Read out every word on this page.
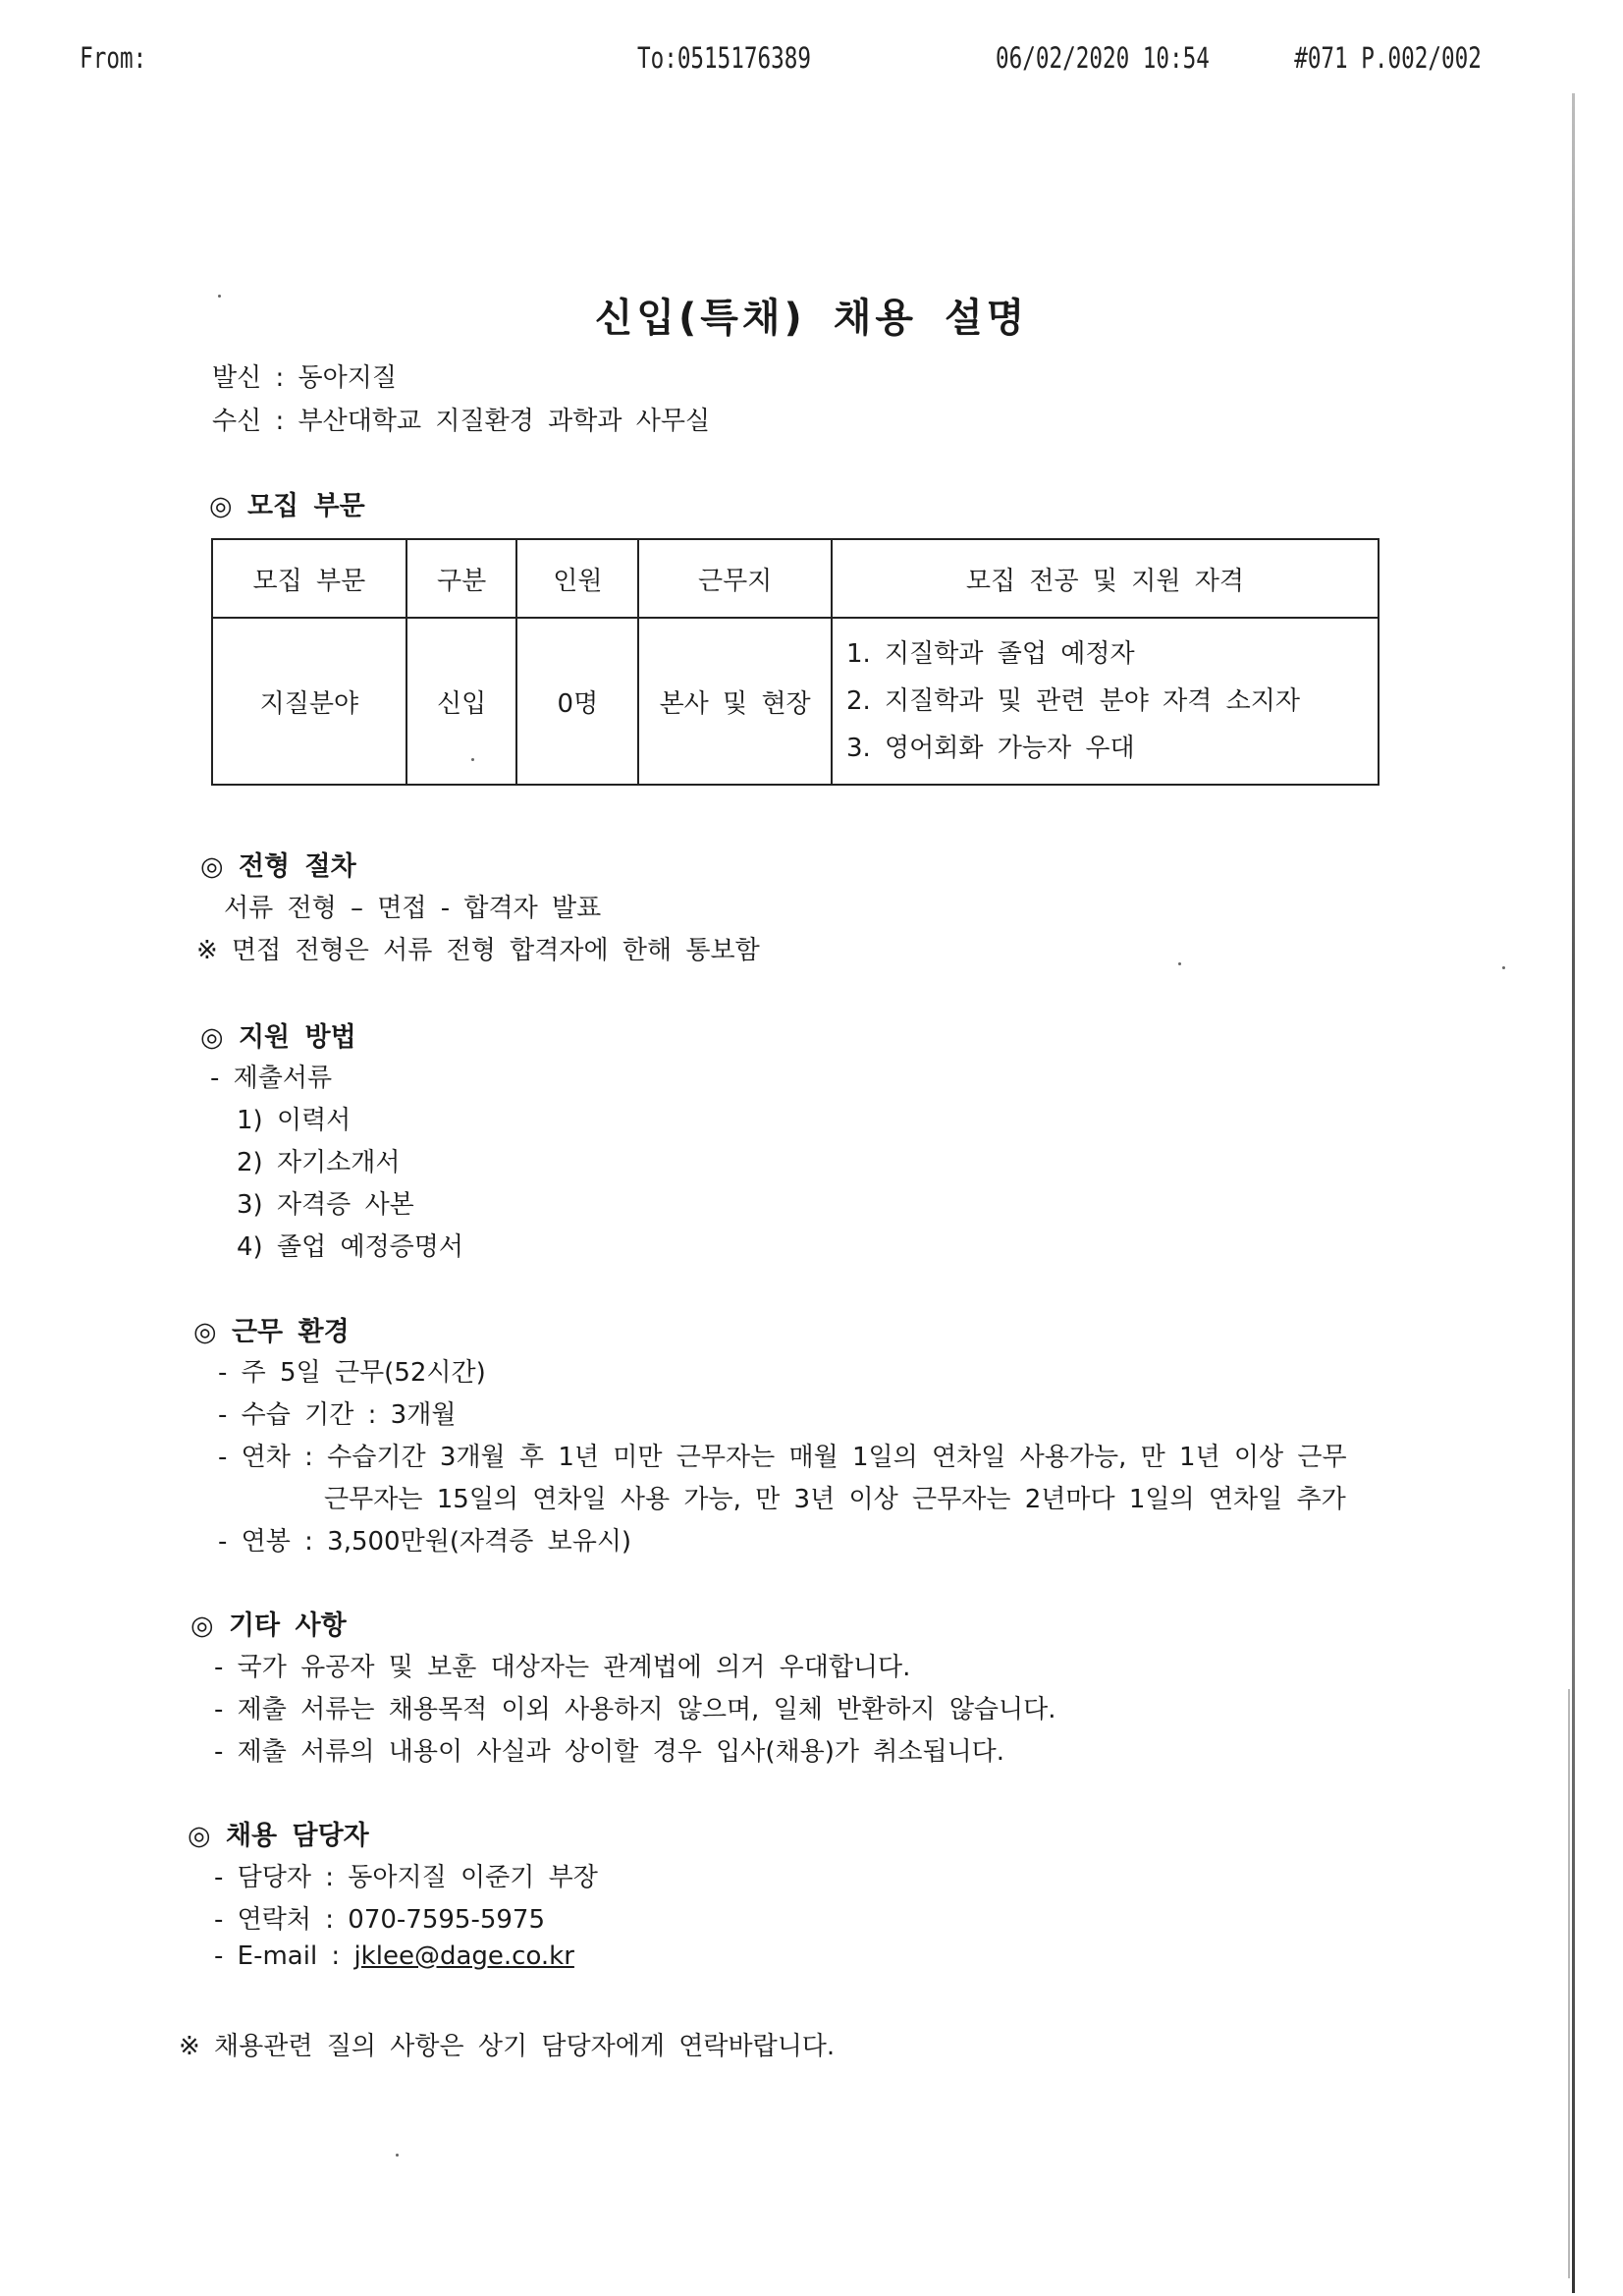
From:	To:0515176389	06/02/2020 10:54	#071 P.002/002
신입(특채) 채용 설명
발신 : 동아지질
수신 : 부산대학교 지질환경 과학과 사무실
◎ 모집 부문
모집 부문	구분	인원	근무지	모집 전공 및 지원 자격
지질분야	신입	0명	본사 및 현장	1. 지질학과 졸업 예정자
2. 지질학과 및 관련 분야 자격 소지자
3. 영어회화 가능자 우대
◎ 전형 절차
서류 전형 – 면접 - 합격자 발표
※ 면접 전형은 서류 전형 합격자에 한해 통보함
◎ 지원 방법
- 제출서류
1) 이력서
2) 자기소개서
3) 자격증 사본
4) 졸업 예정증명서
◎ 근무 환경
- 주 5일 근무(52시간)
- 수습 기간 : 3개월
- 연차 : 수습기간 3개월 후 1년 미만 근무자는 매월 1일의 연차일 사용가능, 만 1년 이상 근무
근무자는 15일의 연차일 사용 가능, 만 3년 이상 근무자는 2년마다 1일의 연차일 추가
- 연봉 : 3,500만원(자격증 보유시)
◎ 기타 사항
- 국가 유공자 및 보훈 대상자는 관계법에 의거 우대합니다.
- 제출 서류는 채용목적 이외 사용하지 않으며, 일체 반환하지 않습니다.
- 제출 서류의 내용이 사실과 상이할 경우 입사(채용)가 취소됩니다.
◎ 채용 담당자
- 담당자 : 동아지질 이준기 부장
- 연락처 : 070-7595-5975
- E-mail : jklee@dage.co.kr
※ 채용관련 질의 사항은 상기 담당자에게 연락바랍니다.
